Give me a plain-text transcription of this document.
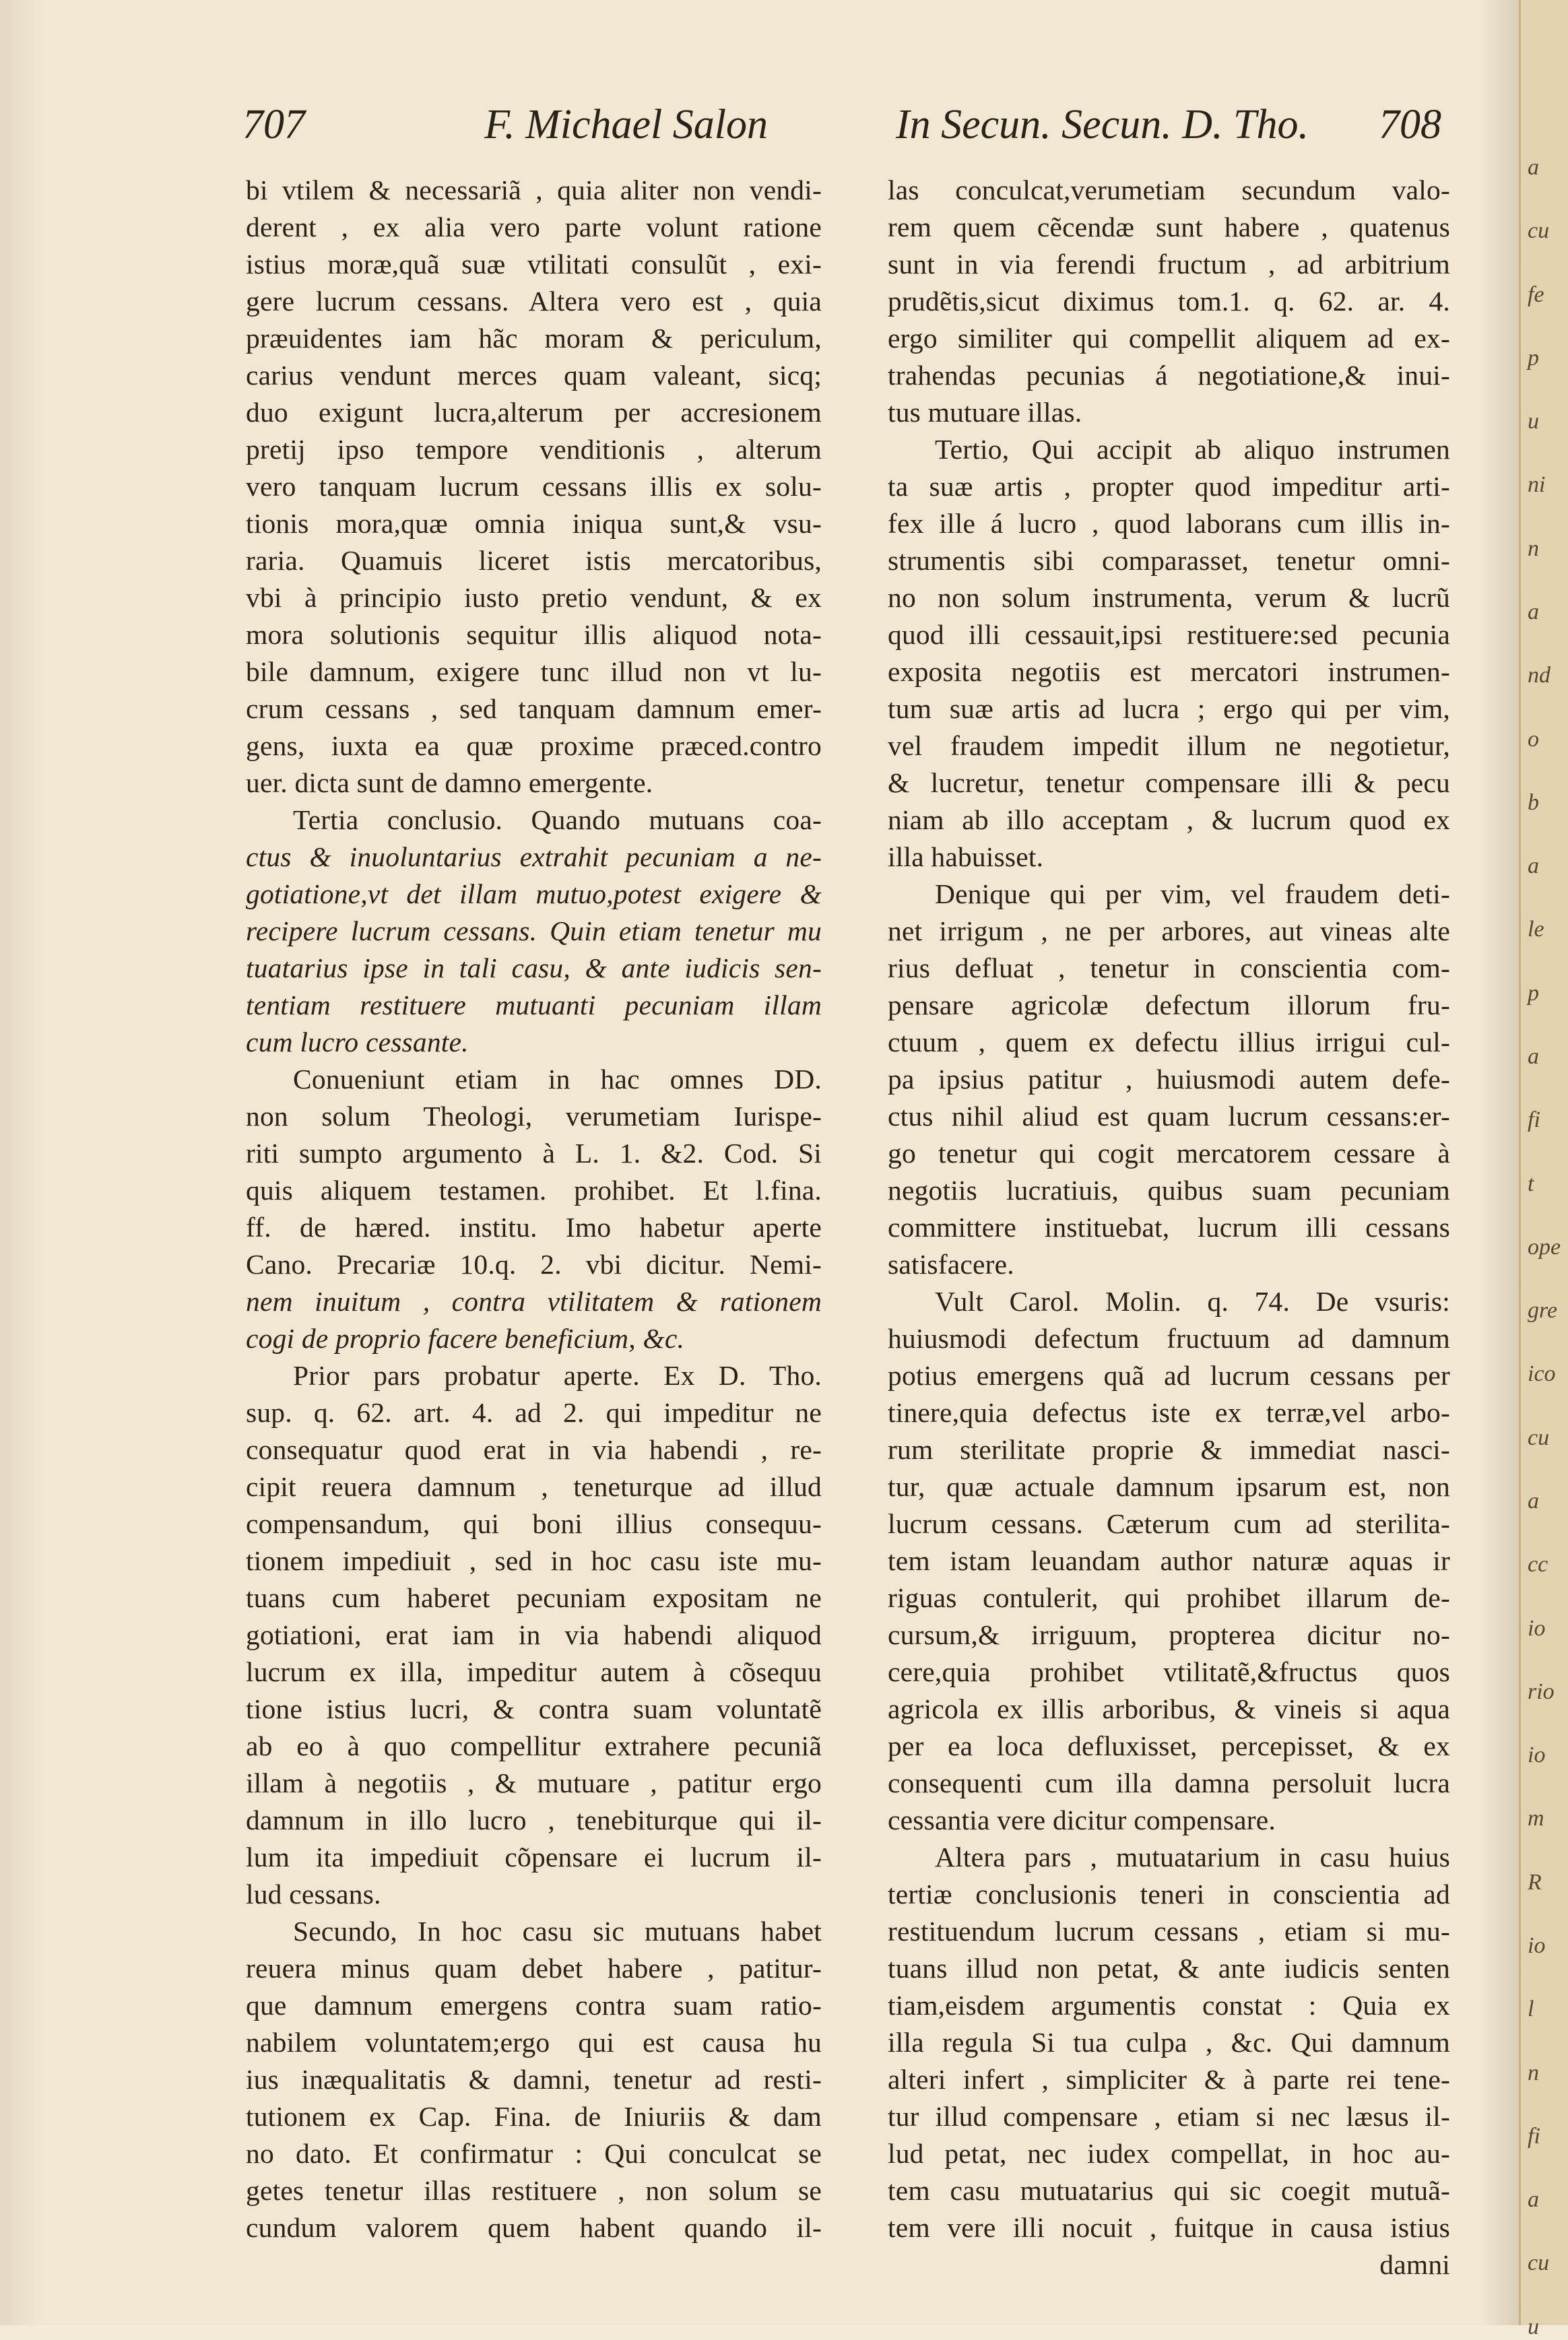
707	F. Michael Salon	In Secun. Secun. D. Tho. 708
bi vtilem & necessariã , quia aliter non vendi-
derent , ex alia vero parte volunt ratione
istius moræ,quã suæ vtilitati consulũt , exi-
gere lucrum cessans. Altera vero est , quia
præuidentes iam hãc moram & periculum,
carius vendunt merces quam valeant, sicq;
duo exigunt lucra,alterum per accresionem
pretij ipso tempore venditionis , alterum
vero tanquam lucrum cessans illis ex solu-
tionis mora,quæ omnia iniqua sunt,& vsu-
raria. Quamuis liceret istis mercatoribus,
vbi à principio iusto pretio vendunt, & ex
mora solutionis sequitur illis aliquod nota-
bile damnum, exigere tunc illud non vt lu-
crum cessans , sed tanquam damnum emer-
gens, iuxta ea quæ proxime præced.contro
uer. dicta sunt de damno emergente.
Tertia conclusio. Quando mutuans coa-
ctus & inuoluntarius extrahit pecuniam a ne-
gotiatione,vt det illam mutuo,potest exigere &
recipere lucrum cessans. Quin etiam tenetur mu
tuatarius ipse in tali casu, & ante iudicis sen-
tentiam restituere mutuanti pecuniam illam
cum lucro cessante.
Conueniunt etiam in hac omnes DD.
non solum Theologi, verumetiam Iurispe-
riti sumpto argumento à L. 1. &2. Cod. Si
quis aliquem testamen. prohibet. Et l.fina.
ff. de hæred. institu. Imo habetur aperte
Cano. Precariæ 10.q. 2. vbi dicitur. Nemi-
nem inuitum , contra vtilitatem & rationem
cogi de proprio facere beneficium, &c.
Prior pars probatur aperte. Ex D. Tho.
sup. q. 62. art. 4. ad 2. qui impeditur ne
consequatur quod erat in via habendi , re-
cipit reuera damnum , teneturque ad illud
compensandum, qui boni illius consequu-
tionem impediuit , sed in hoc casu iste mu-
tuans cum haberet pecuniam expositam ne
gotiationi, erat iam in via habendi aliquod
lucrum ex illa, impeditur autem à cõsequu
tione istius lucri, & contra suam voluntatẽ
ab eo à quo compellitur extrahere pecuniã
illam à negotiis , & mutuare , patitur ergo
damnum in illo lucro , tenebiturque qui il-
lum ita impediuit cõpensare ei lucrum il-
lud cessans.
Secundo, In hoc casu sic mutuans habet
reuera minus quam debet habere , patitur-
que damnum emergens contra suam ratio-
nabilem voluntatem;ergo qui est causa hu
ius inæqualitatis & damni, tenetur ad resti-
tutionem ex Cap. Fina. de Iniuriis & dam
no dato. Et confirmatur : Qui conculcat se
getes tenetur illas restituere , non solum se
cundum valorem quem habent quando il-
las conculcat,verumetiam secundum valo-
rem quem cẽcendæ sunt habere , quatenus
sunt in via ferendi fructum , ad arbitrium
prudẽtis,sicut diximus tom.1. q. 62. ar. 4.
ergo similiter qui compellit aliquem ad ex-
trahendas pecunias á negotiatione,& inui-
tus mutuare illas.
Tertio, Qui accipit ab aliquo instrumen
ta suæ artis , propter quod impeditur arti-
fex ille á lucro , quod laborans cum illis in-
strumentis sibi comparasset, tenetur omni-
no non solum instrumenta, verum & lucrũ
quod illi cessauit,ipsi restituere:sed pecunia
exposita negotiis est mercatori instrumen-
tum suæ artis ad lucra ; ergo qui per vim,
vel fraudem impedit illum ne negotietur,
& lucretur, tenetur compensare illi & pecu
niam ab illo acceptam , & lucrum quod ex
illa habuisset.
Denique qui per vim, vel fraudem deti-
net irrigum , ne per arbores, aut vineas alte
rius defluat , tenetur in conscientia com-
pensare agricolæ defectum illorum fru-
ctuum , quem ex defectu illius irrigui cul-
pa ipsius patitur , huiusmodi autem defe-
ctus nihil aliud est quam lucrum cessans:er-
go tenetur qui cogit mercatorem cessare à
negotiis lucratiuis, quibus suam pecuniam
committere instituebat, lucrum illi cessans
satisfacere.
Vult Carol. Molin. q. 74. De vsuris:
huiusmodi defectum fructuum ad damnum
potius emergens quã ad lucrum cessans per
tinere,quia defectus iste ex terræ,vel arbo-
rum sterilitate proprie & immediat nasci-
tur, quæ actuale damnum ipsarum est, non
lucrum cessans. Cæterum cum ad sterilita-
tem istam leuandam author naturæ aquas ir
riguas contulerit, qui prohibet illarum de-
cursum,& irriguum, propterea dicitur no-
cere,quia prohibet vtilitatẽ,&fructus quos
agricola ex illis arboribus, & vineis si aqua
per ea loca defluxisset, percepisset, & ex
consequenti cum illa damna persoluit lucra
cessantia vere dicitur compensare.
Altera pars , mutuatarium in casu huius
tertiæ conclusionis teneri in conscientia ad
restituendum lucrum cessans , etiam si mu-
tuans illud non petat, & ante iudicis senten
tiam,eisdem argumentis constat : Quia ex
illa regula Si tua culpa , &c. Qui damnum
alteri infert , simpliciter & à parte rei tene-
tur illud compensare , etiam si nec læsus il-
lud petat, nec iudex compellat, in hoc au-
tem casu mutuatarius qui sic coegit mutuã-
tem vere illi nocuit , fuitque in causa istius
damni
a
cu
fe
p
u
ni
n
a
nd
o
b
a
le
p
a
fi
t
ope
gre
ico
cu
a
cc
io
rio
io
m
R
io
l
n
fi
a
cu
u
